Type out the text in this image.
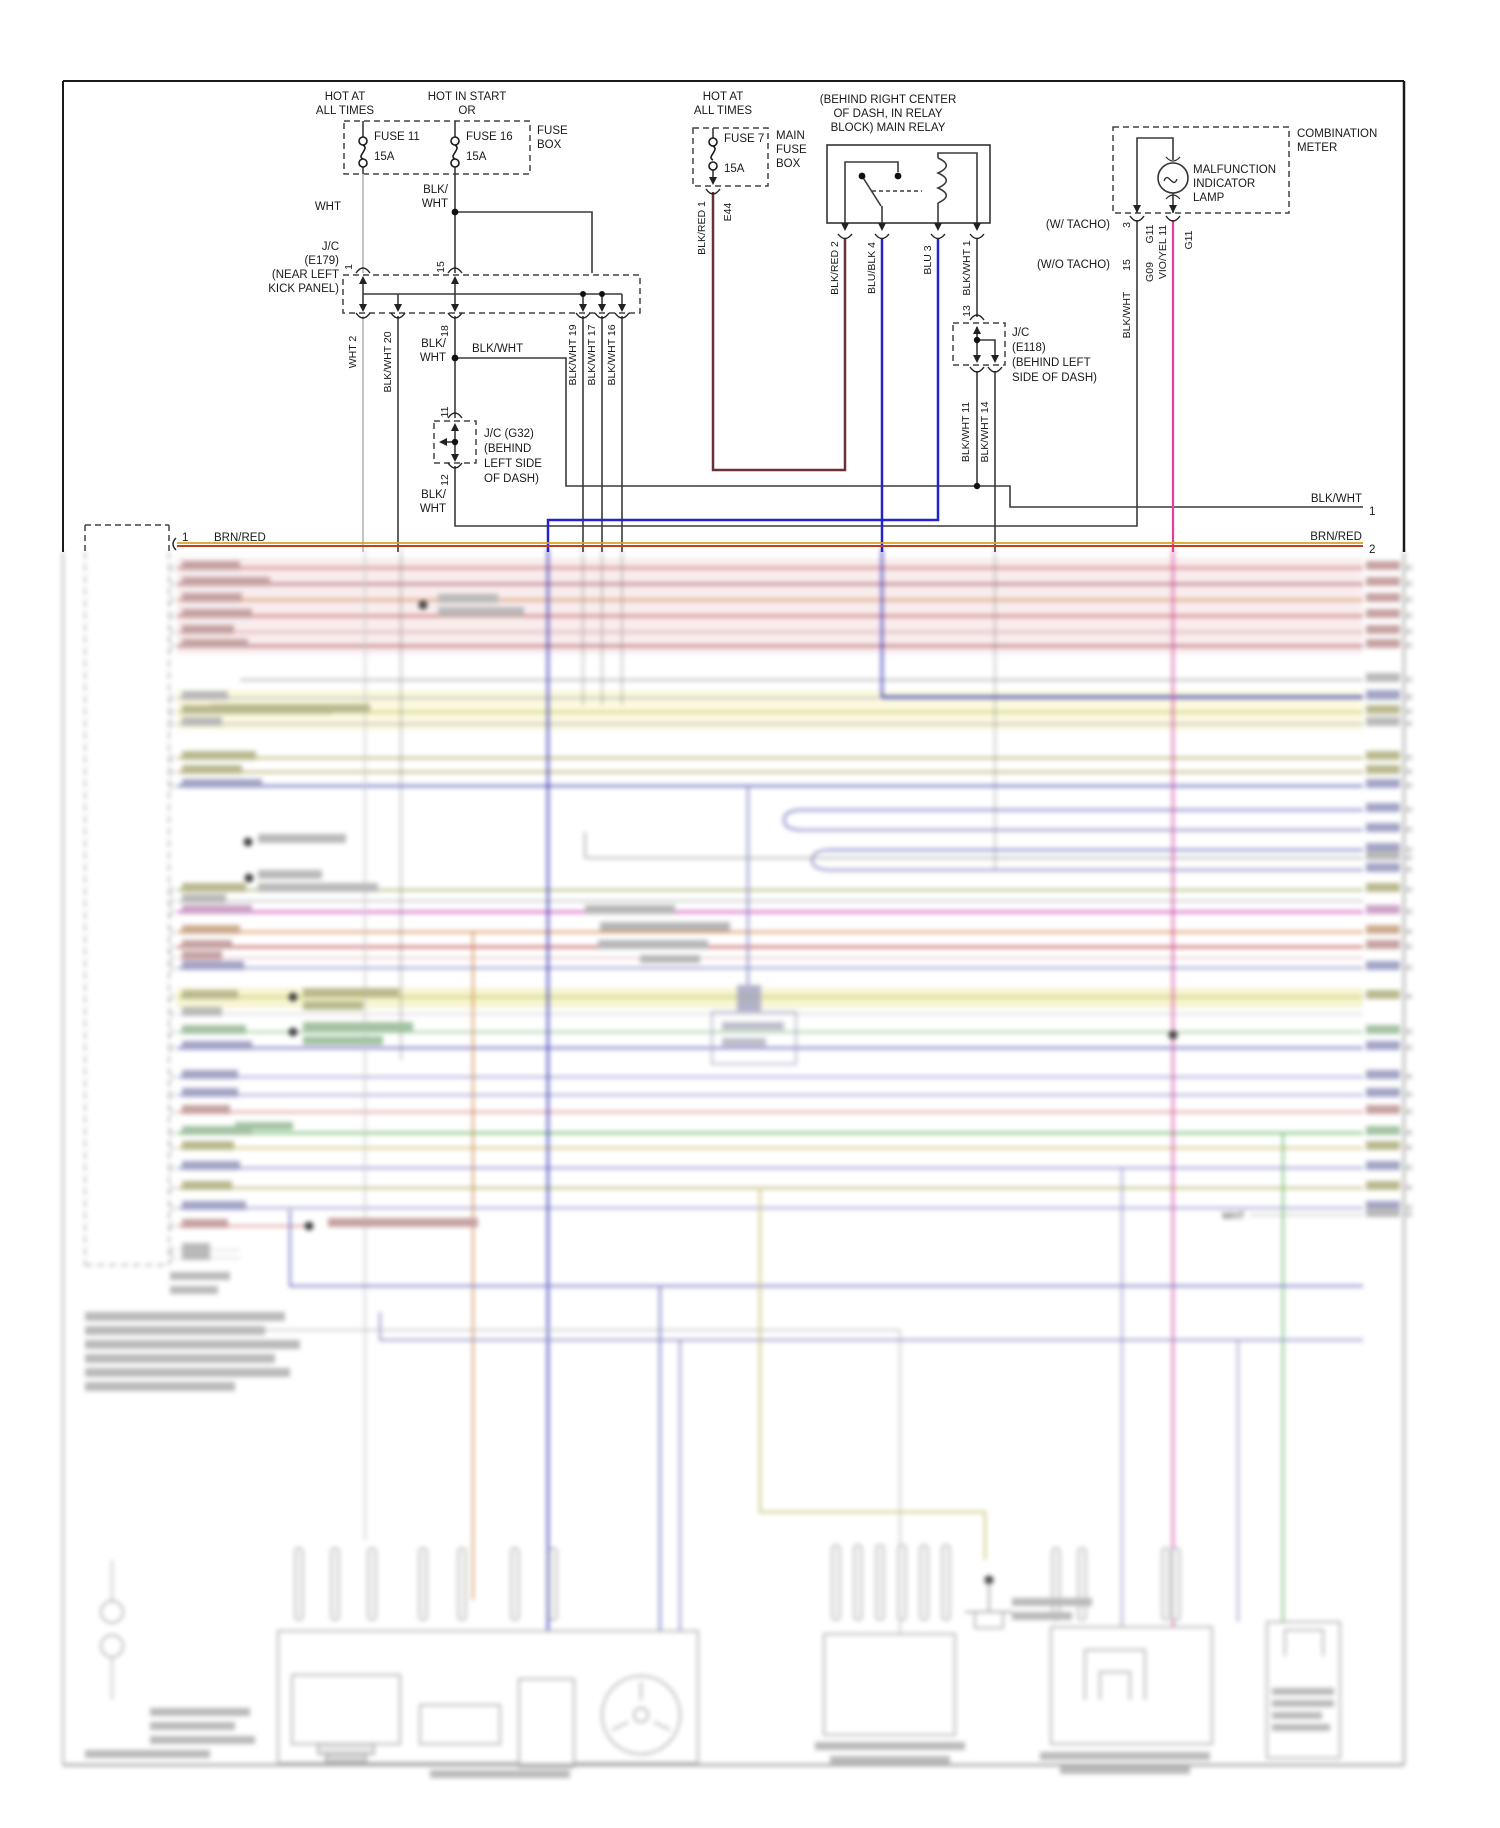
WHT
HOT AT
ALL TIMES
HOT IN START
OR
FUSE 11
15A
FUSE 16
15A
FUSE
BOX
WHT
BLK/
WHT
J/C
(E179)
(NEAR LEFT
KICK PANEL)
1	15
WHT 2 BLK/WHT 20
18
BLK/
WHT
BLK/WHT	BLK/WHT 19 BLK/WHT 17 BLK/WHT 16
11
J/C (G32)
(BEHIND
LEFT SIDE
OF DASH)
12
BLK/
WHT
HOT AT
ALL TIMES
FUSE 7
15A
MAIN
FUSE
BOX
BLK/RED 1 E44
(BEHIND RIGHT CENTER
OF DASH, IN RELAY
BLOCK) MAIN RELAY
BLK/RED 2 BLU/BLK 4	BLU 3	BLK/WHT 1
13
J/C
(E118)
(BEHIND LEFT
SIDE OF DASH)
BLK/WHT 11 BLK/WHT 14
COMBINATION
METER
MALFUNCTION
INDICATOR
LAMP
(W/ TACHO) 3 G11
(W/O TACHO) 15 G09
BLK/WHT
VIO/YEL 11 G11
BLK/WHT
1
BRN/RED
2
1 BRN/RED
